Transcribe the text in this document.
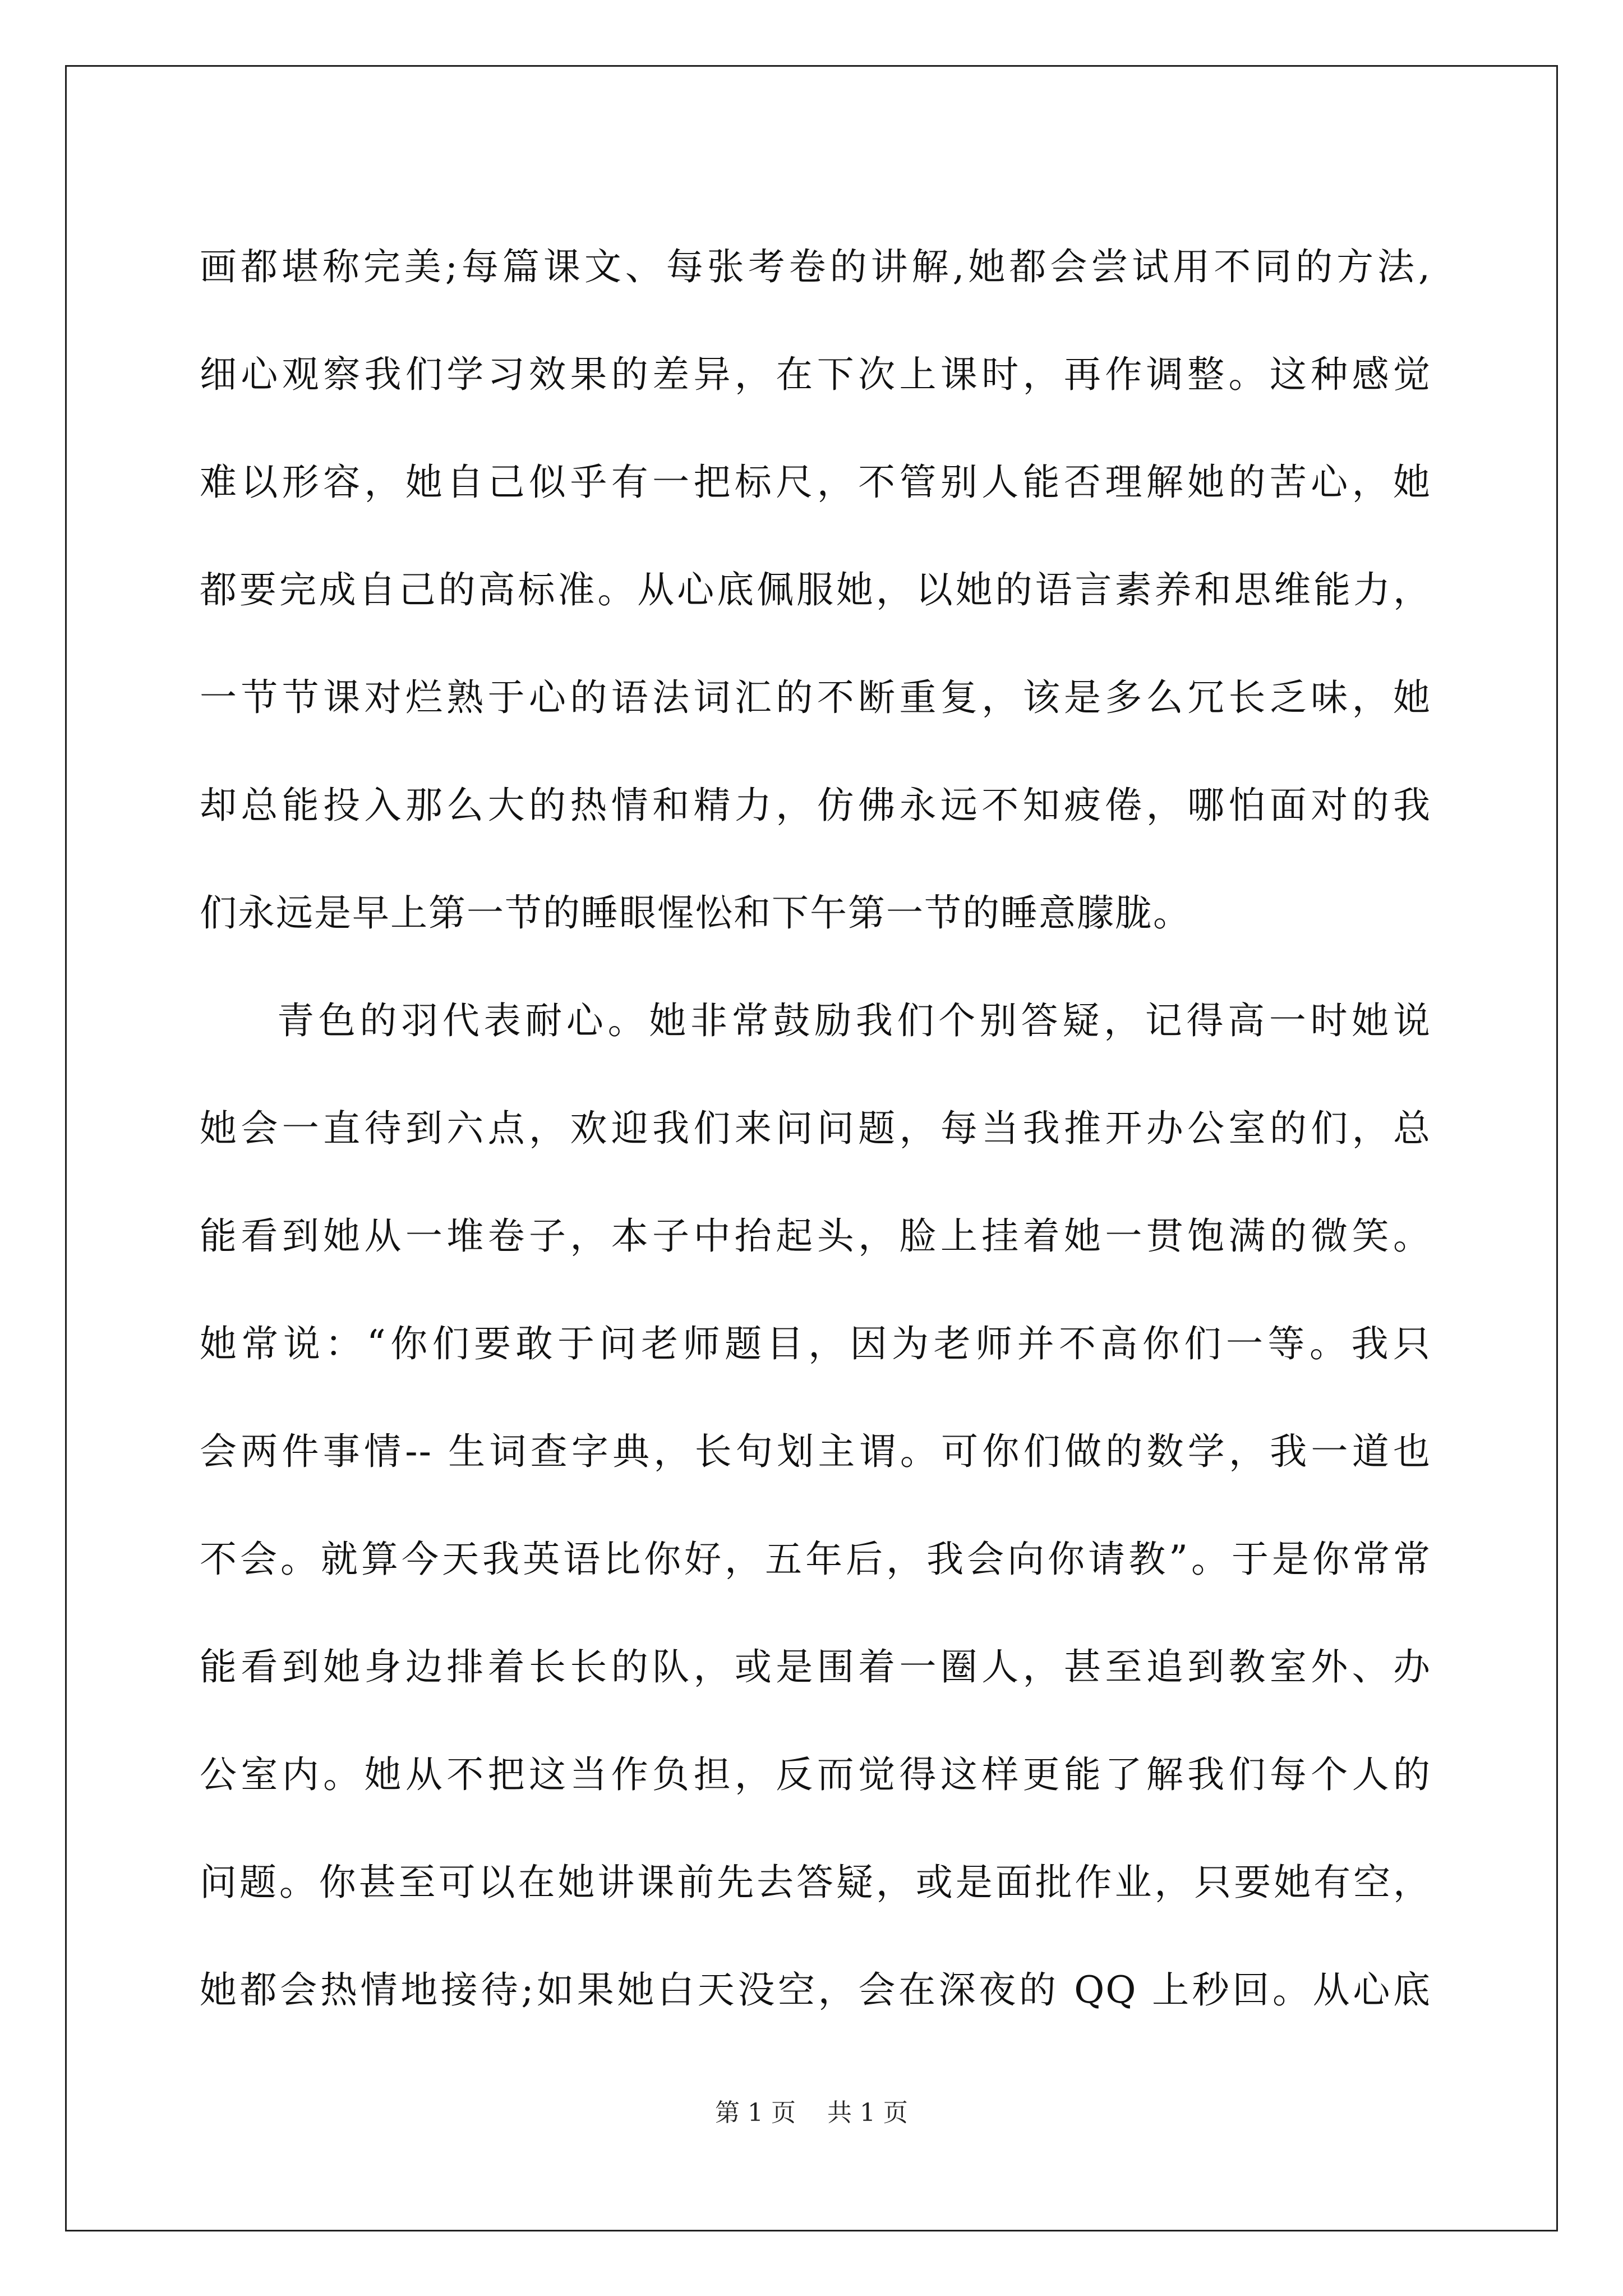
画都堪称完美;每篇课文、每张考卷的讲解,她都会尝试用不同的方法,
细心观察我们学习效果的差异，在下次上课时，再作调整。这种感觉
难以形容，她自己似乎有一把标尺，不管别人能否理解她的苦心，她
都要完成自己的高标准。从心底佩服她，以她的语言素养和思维能力，
一节节课对烂熟于心的语法词汇的不断重复，该是多么冗长乏味，她
却总能投入那么大的热情和精力，仿佛永远不知疲倦，哪怕面对的我
们永远是早上第一节的睡眼惺忪和下午第一节的睡意朦胧。
青色的羽代表耐心。她非常鼓励我们个别答疑，记得高一时她说
她会一直待到六点，欢迎我们来问问题，每当我推开办公室的们，总
能看到她从一堆卷子，本子中抬起头，脸上挂着她一贯饱满的微笑。
她常说：“你们要敢于问老师题目，因为老师并不高你们一等。我只
会两件事情-- 生词查字典，长句划主谓。可你们做的数学，我一道也
不会。就算今天我英语比你好，五年后，我会向你请教”。于是你常常
能看到她身边排着长长的队，或是围着一圈人，甚至追到教室外、办
公室内。她从不把这当作负担，反而觉得这样更能了解我们每个人的
问题。你甚至可以在她讲课前先去答疑，或是面批作业，只要她有空，
她都会热情地接待;如果她白天没空，会在深夜的 QQ 上秒回。从心底
第 1 页    共 1 页
